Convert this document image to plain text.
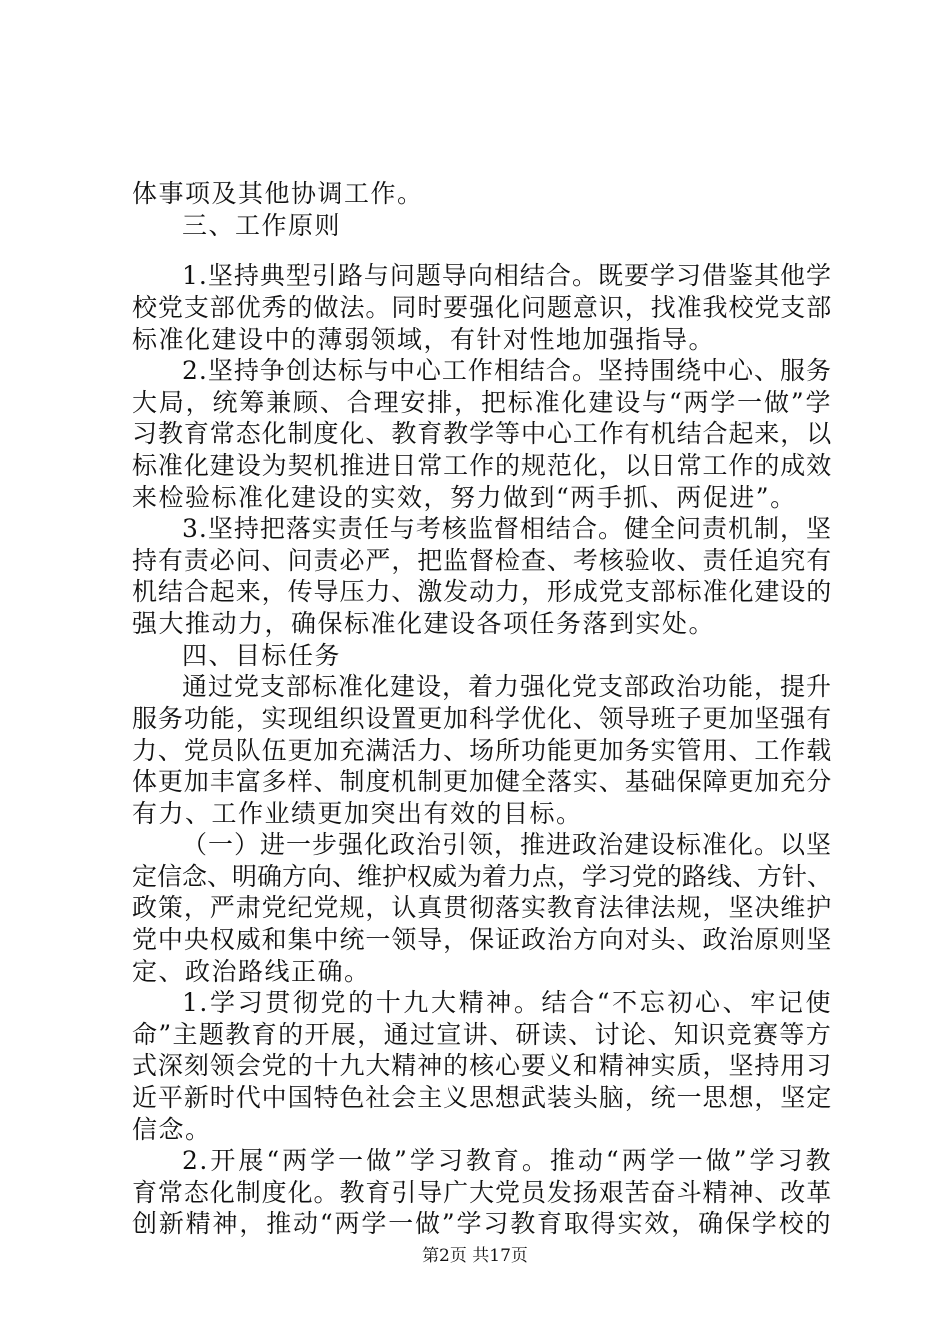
体事项及其他协调工作。
三、工作原则
1.坚持典型引路与问题导向相结合。既要学习借鉴其他学
校党支部优秀的做法。同时要强化问题意识，找准我校党支部
标准化建设中的薄弱领域，有针对性地加强指导。
2.坚持争创达标与中心工作相结合。坚持围绕中心、服务
大局，统筹兼顾、合理安排，把标准化建设与“两学一做”学
习教育常态化制度化、教育教学等中心工作有机结合起来，以
标准化建设为契机推进日常工作的规范化，以日常工作的成效
来检验标准化建设的实效，努力做到“两手抓、两促进”。
3.坚持把落实责任与考核监督相结合。健全问责机制，坚
持有责必问、问责必严，把监督检查、考核验收、责任追究有
机结合起来，传导压力、激发动力，形成党支部标准化建设的
强大推动力，确保标准化建设各项任务落到实处。
四、目标任务
通过党支部标准化建设，着力强化党支部政治功能，提升
服务功能，实现组织设置更加科学优化、领导班子更加坚强有
力、党员队伍更加充满活力、场所功能更加务实管用、工作载
体更加丰富多样、制度机制更加健全落实、基础保障更加充分
有力、工作业绩更加突出有效的目标。
（一）进一步强化政治引领，推进政治建设标准化。以坚
定信念、明确方向、维护权威为着力点，学习党的路线、方针、
政策，严肃党纪党规，认真贯彻落实教育法律法规，坚决维护
党中央权威和集中统一领导，保证政治方向对头、政治原则坚
定、政治路线正确。
1.学习贯彻党的十九大精神。结合“不忘初心、牢记使
命”主题教育的开展，通过宣讲、研读、讨论、知识竞赛等方
式深刻领会党的十九大精神的核心要义和精神实质，坚持用习
近平新时代中国特色社会主义思想武装头脑，统一思想，坚定
信念。
2.开展“两学一做”学习教育。推动“两学一做”学习教
育常态化制度化。教育引导广大党员发扬艰苦奋斗精神、改革
创新精神，推动“两学一做”学习教育取得实效，确保学校的
第2页 共17页
